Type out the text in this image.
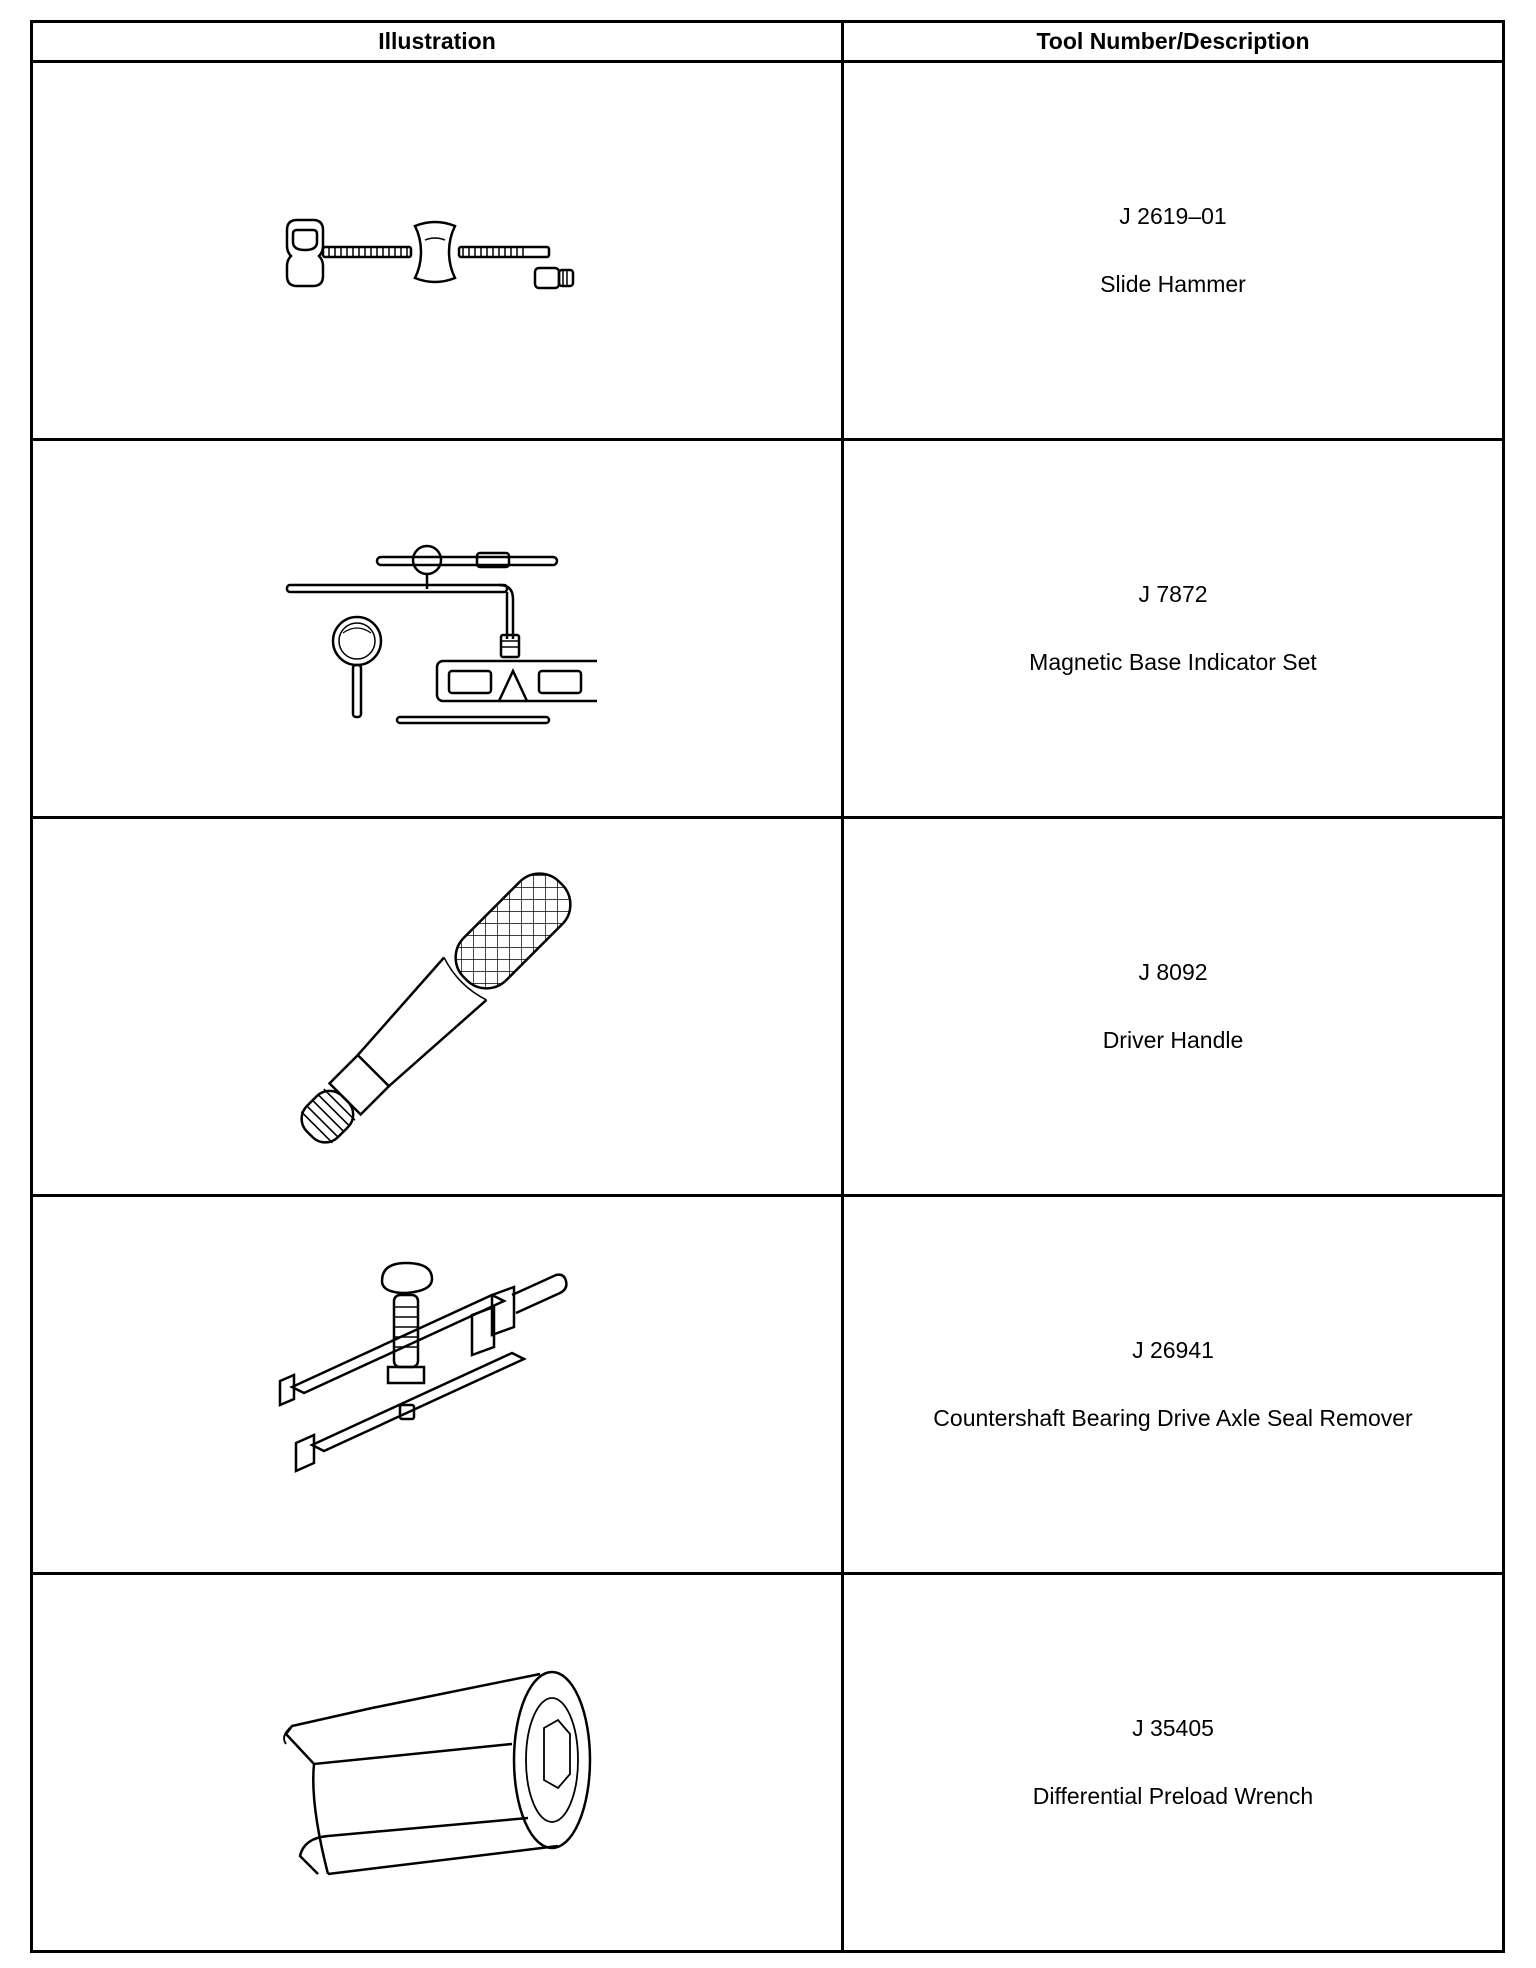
Illustration	Tool Number/Description

J 2619–01
Slide Hammer

J 7872
Magnetic Base Indicator Set

J 8092
Driver Handle

J 26941
Countershaft Bearing Drive Axle Seal Remover

J 35405
Differential Preload Wrench
